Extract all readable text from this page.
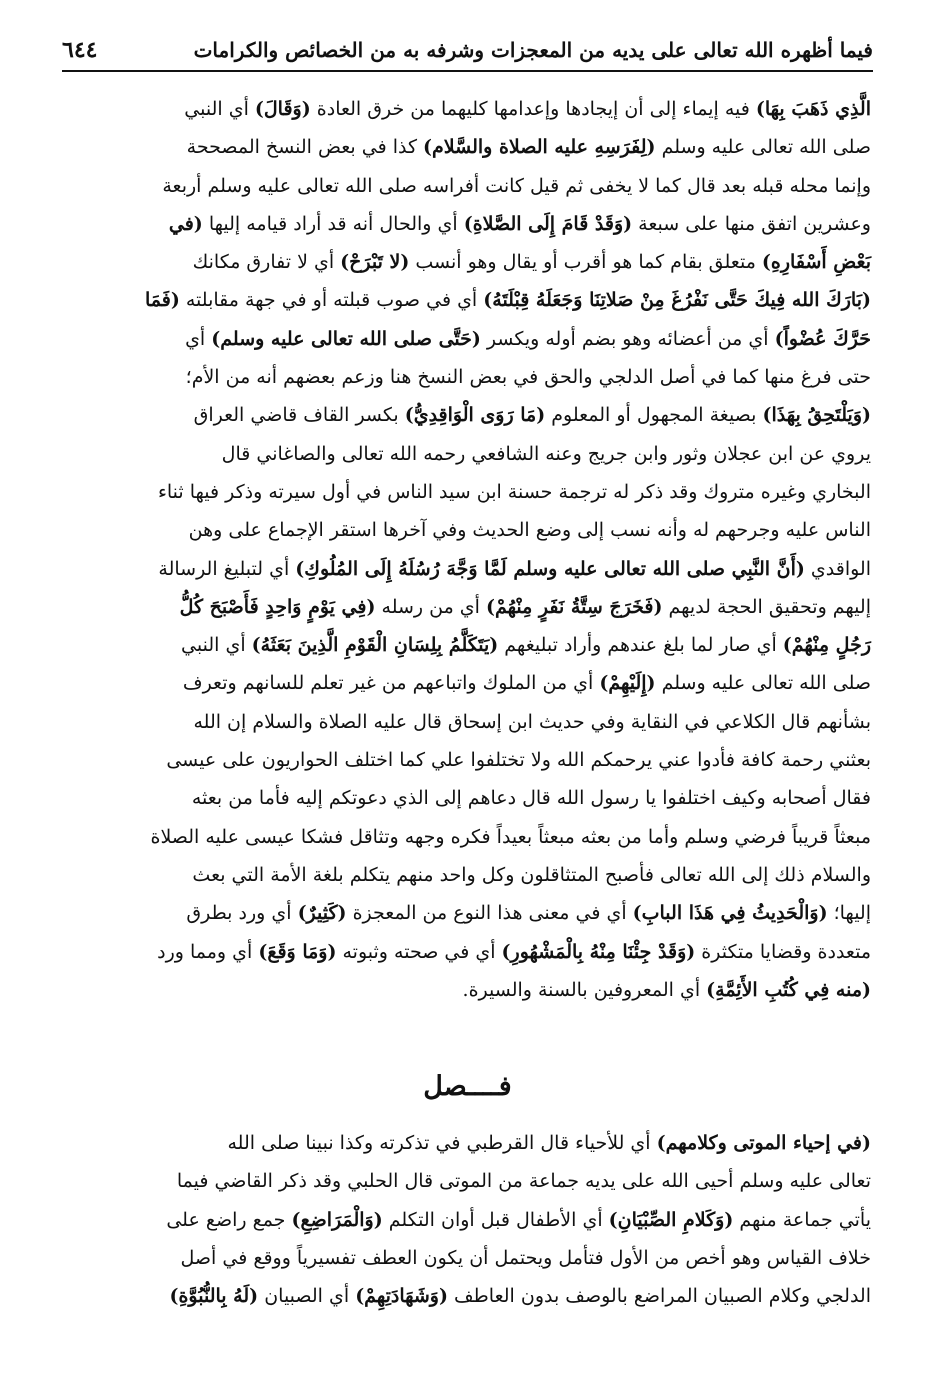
فيما أظهره الله تعالى على يديه من المعجزات وشرفه به من الخصائص والكرامات
٦٤٤

الَّذِي ذَهَبَ بِهَا) فيه إيماء إلى أن إيجادها وإعدامها كليهما من خرق العادة (وَقَالَ) أي النبي

صلى الله تعالى عليه وسلم (لِفَرَسِهِ عليه الصلاة والسَّلام) كذا في بعض النسخ المصححة

وإنما محله قبله بعد قال كما لا يخفى ثم قيل كانت أفراسه صلى الله تعالى عليه وسلم أربعة

وعشرين اتفق منها على سبعة (وَقَدْ قَامَ إِلَى الصَّلاةِ) أي والحال أنه قد أراد قيامه إليها (في

بَعْضِ أَسْفَارِهِ) متعلق بقام كما هو أقرب أو يقال وهو أنسب (لا تَبْرَحْ) أي لا تفارق مكانك

(بَارَكَ الله فِيكَ حَتَّى نَفْرُغَ مِنْ صَلاتِنَا وَجَعَلَهُ قِبْلَتَهُ) أي في صوب قبلته أو في جهة مقابلته (فَمَا

حَرَّكَ عُضْواً) أي من أعضائه وهو بضم أوله ويكسر (حَتَّى صلى الله تعالى عليه وسلم) أي

حتى فرغ منها كما في أصل الدلجي والحق في بعض النسخ هنا وزعم بعضهم أنه من الأم؛

(وَيَلْتَحِقُ بِهَذَا) بصيغة المجهول أو المعلوم (مَا رَوَى الْوَاقِدِيُّ) بكسر القاف قاضي العراق

يروي عن ابن عجلان وثور وابن جريج وعنه الشافعي رحمه الله تعالى والصاغاني قال

البخاري وغيره متروك وقد ذكر له ترجمة حسنة ابن سيد الناس في أول سيرته وذكر فيها ثناء

الناس عليه وجرحهم له وأنه نسب إلى وضع الحديث وفي آخرها استقر الإجماع على وهن

الواقدي (أَنَّ النَّبِي صلى الله تعالى عليه وسلم لَمَّا وَجَّهَ رُسُلَهُ إِلَى المُلُوكِ) أي لتبليغ الرسالة

إليهم وتحقيق الحجة لديهم (فَخَرَجَ سِتَّةُ نَفَرٍ مِنْهُمْ) أي من رسله (فِي يَوْمٍ وَاحِدٍ فَأَصْبَحَ كُلُّ

رَجُلٍ مِنْهُمْ) أي صار لما بلغ عندهم وأراد تبليغهم (يَتَكَلَّمُ بِلِسَانِ الْقَوْمِ الَّذِينَ بَعَثَهُ) أي النبي

صلى الله تعالى عليه وسلم (إِلَيْهِمْ) أي من الملوك واتباعهم من غير تعلم للسانهم وتعرف

بشأنهم قال الكلاعي في النقاية وفي حديث ابن إسحاق قال عليه الصلاة والسلام إن الله

بعثني رحمة كافة فأدوا عني يرحمكم الله ولا تختلفوا علي كما اختلف الحواريون على عيسى

فقال أصحابه وكيف اختلفوا يا رسول الله قال دعاهم إلى الذي دعوتكم إليه فأما من بعثه

مبعثاً قريباً فرضي وسلم وأما من بعثه مبعثاً بعيداً فكره وجهه وتثاقل فشكا عيسى عليه الصلاة

والسلام ذلك إلى الله تعالى فأصبح المتثاقلون وكل واحد منهم يتكلم بلغة الأمة التي بعث

إليها؛ (وَالْحَدِيثُ فِي هَذَا البابِ) أي في معنى هذا النوع من المعجزة (كَثِيرٌ) أي ورد بطرق

متعددة وقضايا متكثرة (وَقَدْ جِئْنَا مِنْهُ بِالْمَشْهُورِ) أي في صحته وثبوته (وَمَا وَقَعَ) أي ومما ورد

(منه فِي كُتُبِ الأَئِمَّةِ) أي المعروفين بالسنة والسيرة.

فــــصل

(في إحياء الموتى وكلامهم) أي للأحياء قال القرطبي في تذكرته وكذا نبينا صلى الله

تعالى عليه وسلم أحيى الله على يديه جماعة من الموتى قال الحلبي وقد ذكر القاضي فيما

يأتي جماعة منهم (وَكَلامِ الصِّبْيَانِ) أي الأطفال قبل أوان التكلم (وَالْمَرَاضِعِ) جمع راضع على

خلاف القياس وهو أخص من الأول فتأمل ويحتمل أن يكون العطف تفسيرياً ووقع في أصل

الدلجي وكلام الصبيان المراضع بالوصف بدون العاطف (وَشَهَادَتِهِمْ) أي الصبيان (لَهُ بِالنُّبُوَّةِ)
